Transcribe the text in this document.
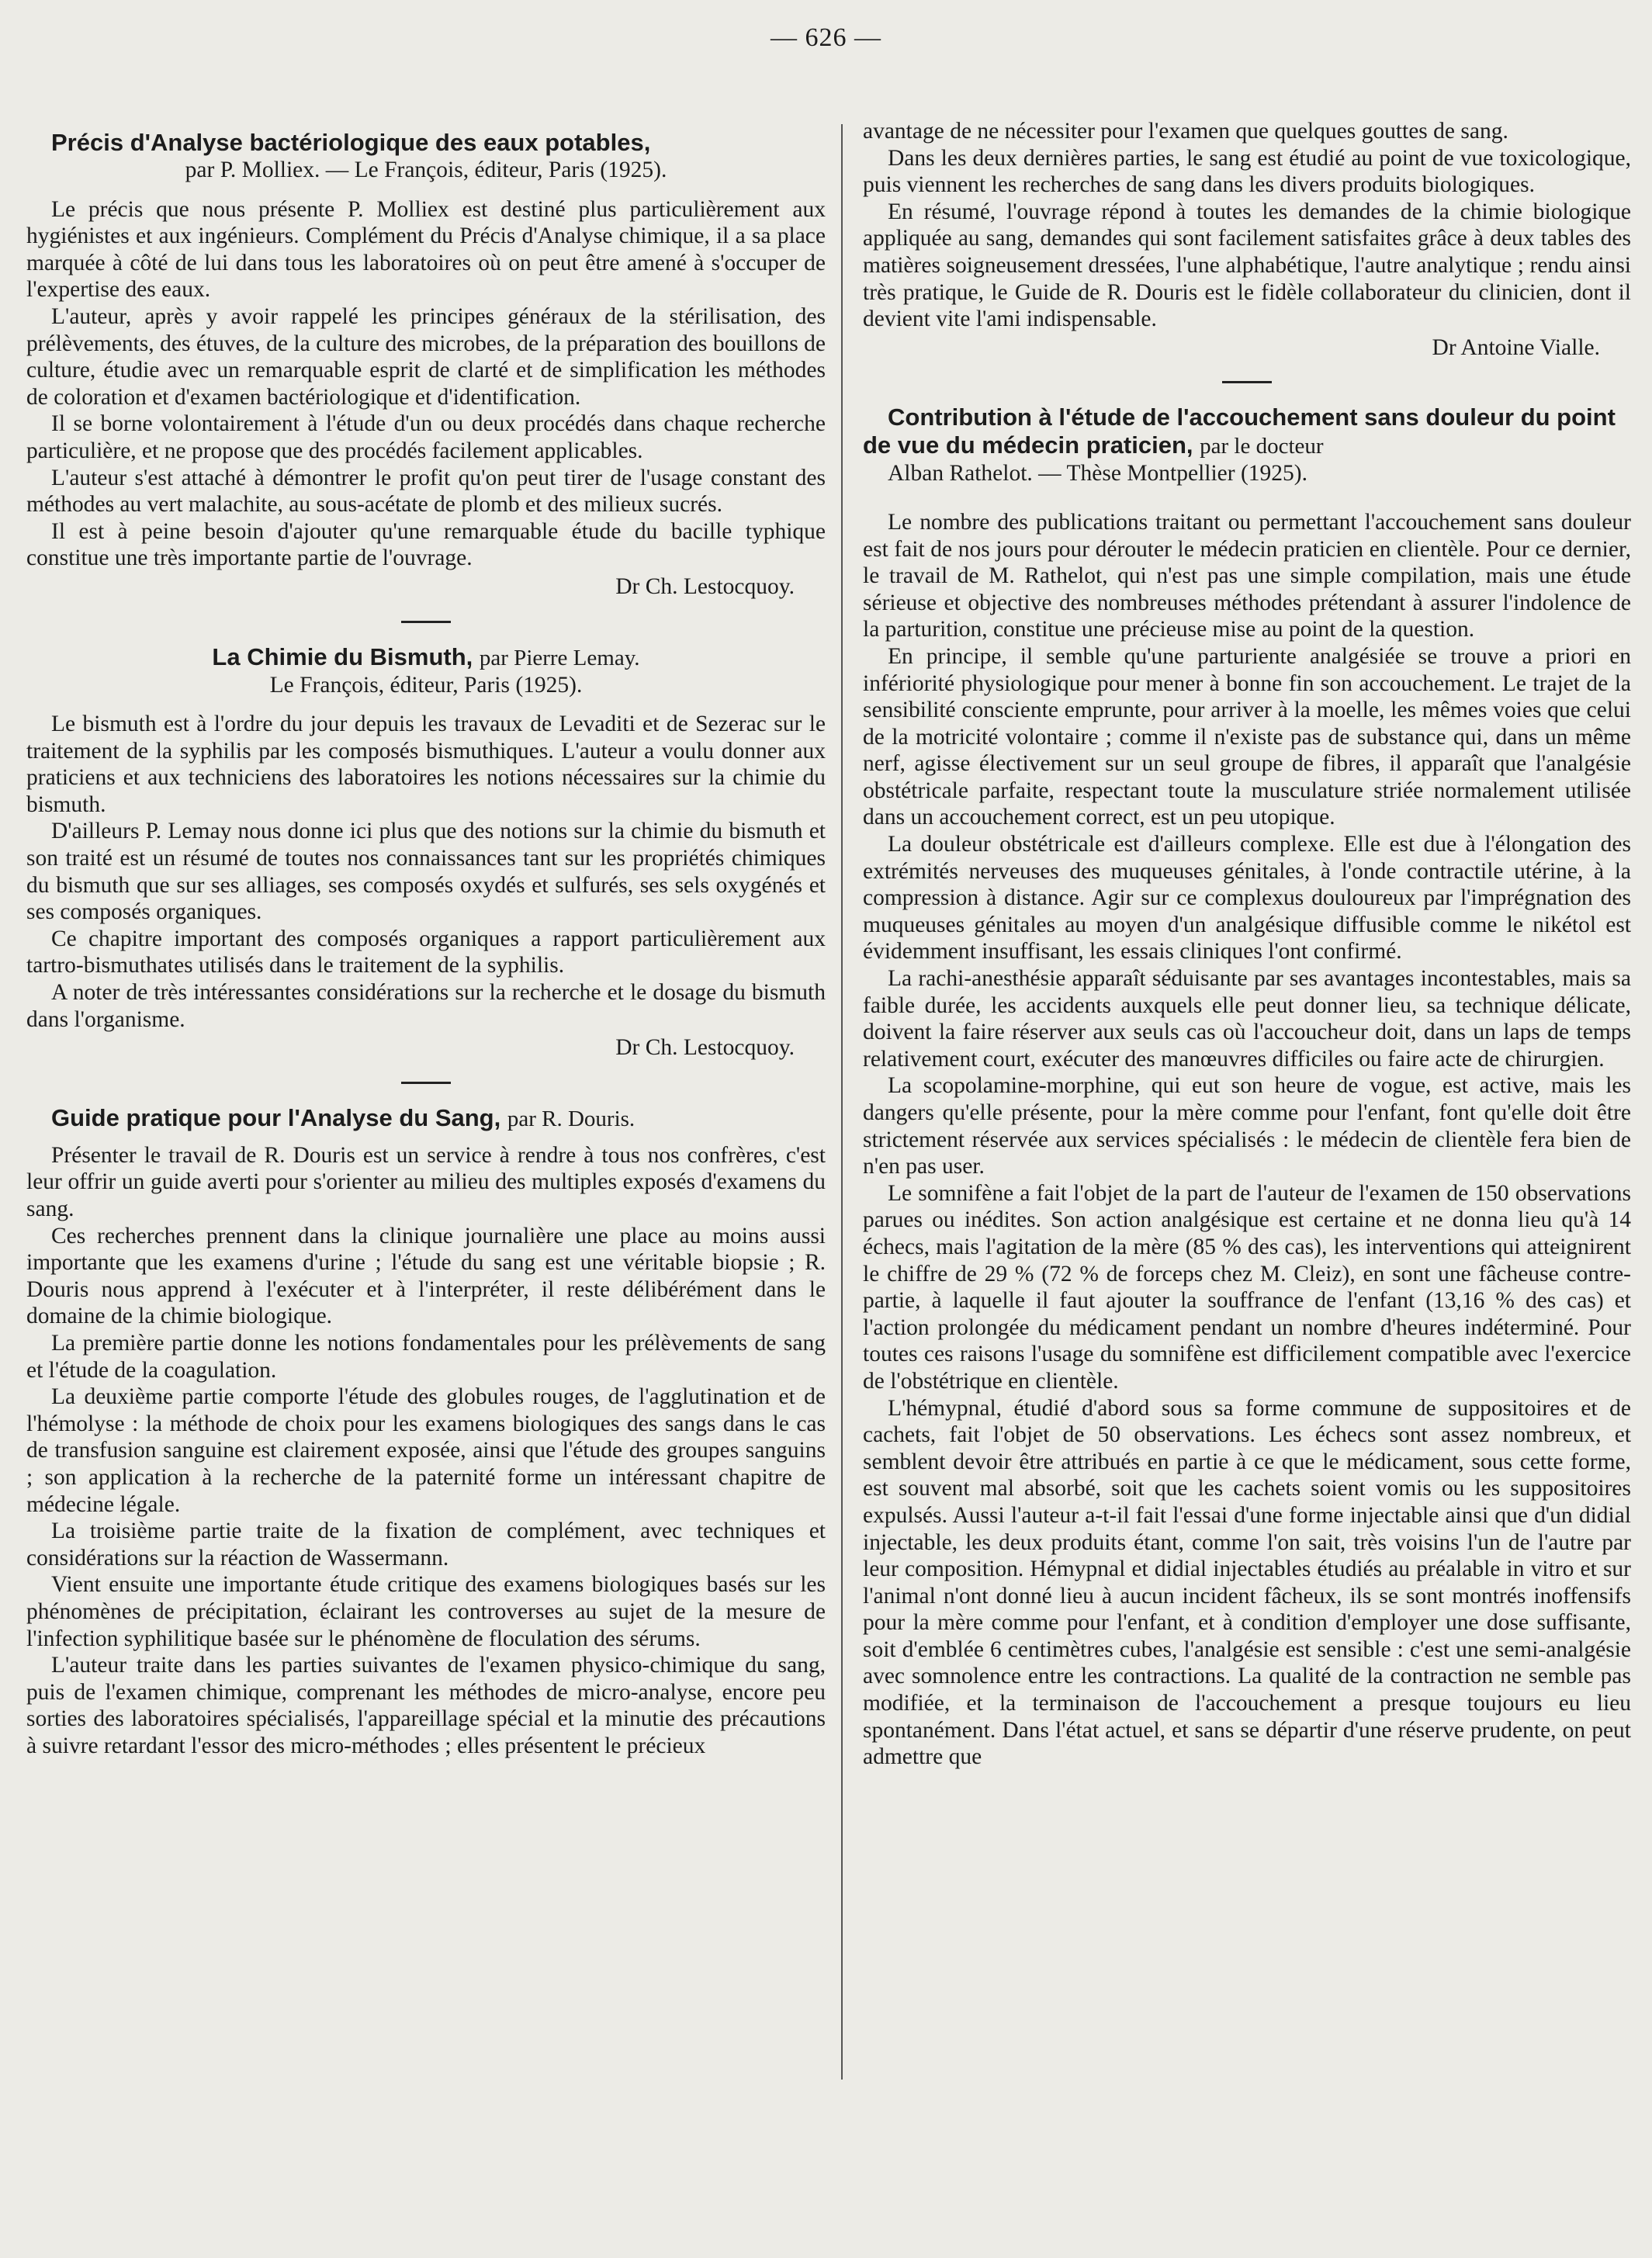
— 626 —

Précis d'Analyse bactériologique des eaux potables,

par P. Molliex. — Le François, éditeur, Paris (1925).

Le précis que nous présente P. Molliex est destiné plus particulièrement aux hygiénistes et aux ingénieurs. Complément du Précis d'Analyse chimique, il a sa place marquée à côté de lui dans tous les laboratoires où on peut être amené à s'occuper de l'expertise des eaux.

L'auteur, après y avoir rappelé les principes généraux de la stérilisation, des prélèvements, des étuves, de la culture des microbes, de la préparation des bouillons de culture, étudie avec un remarquable esprit de clarté et de simplification les méthodes de coloration et d'examen bactériologique et d'identification.

Il se borne volontairement à l'étude d'un ou deux procédés dans chaque recherche particulière, et ne propose que des procédés facilement applicables.

L'auteur s'est attaché à démontrer le profit qu'on peut tirer de l'usage constant des méthodes au vert malachite, au sous-acétate de plomb et des milieux sucrés.

Il est à peine besoin d'ajouter qu'une remarquable étude du bacille typhique constitue une très importante partie de l'ouvrage.

Dr Ch. Lestocquoy.

La Chimie du Bismuth, par Pierre Lemay.

Le François, éditeur, Paris (1925).

Le bismuth est à l'ordre du jour depuis les travaux de Levaditi et de Sezerac sur le traitement de la syphilis par les composés bismuthiques. L'auteur a voulu donner aux praticiens et aux techniciens des laboratoires les notions nécessaires sur la chimie du bismuth.

D'ailleurs P. Lemay nous donne ici plus que des notions sur la chimie du bismuth et son traité est un résumé de toutes nos connaissances tant sur les propriétés chimiques du bismuth que sur ses alliages, ses composés oxydés et sulfurés, ses sels oxygénés et ses composés organiques.

Ce chapitre important des composés organiques a rapport particulièrement aux tartro-bismuthates utilisés dans le traitement de la syphilis.

A noter de très intéressantes considérations sur la recherche et le dosage du bismuth dans l'organisme.

Dr Ch. Lestocquoy.

Guide pratique pour l'Analyse du Sang, par R. Douris.

Présenter le travail de R. Douris est un service à rendre à tous nos confrères, c'est leur offrir un guide averti pour s'orienter au milieu des multiples exposés d'examens du sang.

Ces recherches prennent dans la clinique journalière une place au moins aussi importante que les examens d'urine ; l'étude du sang est une véritable biopsie ; R. Douris nous apprend à l'exécuter et à l'interpréter, il reste délibérément dans le domaine de la chimie biologique.

La première partie donne les notions fondamentales pour les prélèvements de sang et l'étude de la coagulation.

La deuxième partie comporte l'étude des globules rouges, de l'agglutination et de l'hémolyse : la méthode de choix pour les examens biologiques des sangs dans le cas de transfusion sanguine est clairement exposée, ainsi que l'étude des groupes sanguins ; son application à la recherche de la paternité forme un intéressant chapitre de médecine légale.

La troisième partie traite de la fixation de complément, avec techniques et considérations sur la réaction de Wassermann.

Vient ensuite une importante étude critique des examens biologiques basés sur les phénomènes de précipitation, éclairant les controverses au sujet de la mesure de l'infection syphilitique basée sur le phénomène de floculation des sérums.

L'auteur traite dans les parties suivantes de l'examen physico-chimique du sang, puis de l'examen chimique, comprenant les méthodes de micro-analyse, encore peu sorties des laboratoires spécialisés, l'appareillage spécial et la minutie des précautions à suivre retardant l'essor des micro-méthodes ; elles présentent le précieux

avantage de ne nécessiter pour l'examen que quelques gouttes de sang.

Dans les deux dernières parties, le sang est étudié au point de vue toxicologique, puis viennent les recherches de sang dans les divers produits biologiques.

En résumé, l'ouvrage répond à toutes les demandes de la chimie biologique appliquée au sang, demandes qui sont facilement satisfaites grâce à deux tables des matières soigneusement dressées, l'une alphabétique, l'autre analytique ; rendu ainsi très pratique, le Guide de R. Douris est le fidèle collaborateur du clinicien, dont il devient vite l'ami indispensable.

Dr Antoine Vialle.

Contribution à l'étude de l'accouchement sans douleur du point de vue du médecin praticien, par le docteur

Alban Rathelot. — Thèse Montpellier (1925).

Le nombre des publications traitant ou permettant l'accouchement sans douleur est fait de nos jours pour dérouter le médecin praticien en clientèle. Pour ce dernier, le travail de M. Rathelot, qui n'est pas une simple compilation, mais une étude sérieuse et objective des nombreuses méthodes prétendant à assurer l'indolence de la parturition, constitue une précieuse mise au point de la question.

En principe, il semble qu'une parturiente analgésiée se trouve a priori en infériorité physiologique pour mener à bonne fin son accouchement. Le trajet de la sensibilité consciente emprunte, pour arriver à la moelle, les mêmes voies que celui de la motricité volontaire ; comme il n'existe pas de substance qui, dans un même nerf, agisse électivement sur un seul groupe de fibres, il apparaît que l'analgésie obstétricale parfaite, respectant toute la musculature striée normalement utilisée dans un accouchement correct, est un peu utopique.

La douleur obstétricale est d'ailleurs complexe. Elle est due à l'élongation des extrémités nerveuses des muqueuses génitales, à l'onde contractile utérine, à la compression à distance. Agir sur ce complexus douloureux par l'imprégnation des muqueuses génitales au moyen d'un analgésique diffusible comme le nikétol est évidemment insuffisant, les essais cliniques l'ont confirmé.

La rachi-anesthésie apparaît séduisante par ses avantages incontestables, mais sa faible durée, les accidents auxquels elle peut donner lieu, sa technique délicate, doivent la faire réserver aux seuls cas où l'accoucheur doit, dans un laps de temps relativement court, exécuter des manœuvres difficiles ou faire acte de chirurgien.

La scopolamine-morphine, qui eut son heure de vogue, est active, mais les dangers qu'elle présente, pour la mère comme pour l'enfant, font qu'elle doit être strictement réservée aux services spécialisés : le médecin de clientèle fera bien de n'en pas user.

Le somnifène a fait l'objet de la part de l'auteur de l'examen de 150 observations parues ou inédites. Son action analgésique est certaine et ne donna lieu qu'à 14 échecs, mais l'agitation de la mère (85 % des cas), les interventions qui atteignirent le chiffre de 29 % (72 % de forceps chez M. Cleiz), en sont une fâcheuse contre-partie, à laquelle il faut ajouter la souffrance de l'enfant (13,16 % des cas) et l'action prolongée du médicament pendant un nombre d'heures indéterminé. Pour toutes ces raisons l'usage du somnifène est difficilement compatible avec l'exercice de l'obstétrique en clientèle.

L'hémypnal, étudié d'abord sous sa forme commune de suppositoires et de cachets, fait l'objet de 50 observations. Les échecs sont assez nombreux, et semblent devoir être attribués en partie à ce que le médicament, sous cette forme, est souvent mal absorbé, soit que les cachets soient vomis ou les suppositoires expulsés. Aussi l'auteur a-t-il fait l'essai d'une forme injectable ainsi que d'un didial injectable, les deux produits étant, comme l'on sait, très voisins l'un de l'autre par leur composition. Hémypnal et didial injectables étudiés au préalable in vitro et sur l'animal n'ont donné lieu à aucun incident fâcheux, ils se sont montrés inoffensifs pour la mère comme pour l'enfant, et à condition d'employer une dose suffisante, soit d'emblée 6 centimètres cubes, l'analgésie est sensible : c'est une semi-analgésie avec somnolence entre les contractions. La qualité de la contraction ne semble pas modifiée, et la terminaison de l'accouchement a presque toujours eu lieu spontanément. Dans l'état actuel, et sans se départir d'une réserve prudente, on peut admettre que
